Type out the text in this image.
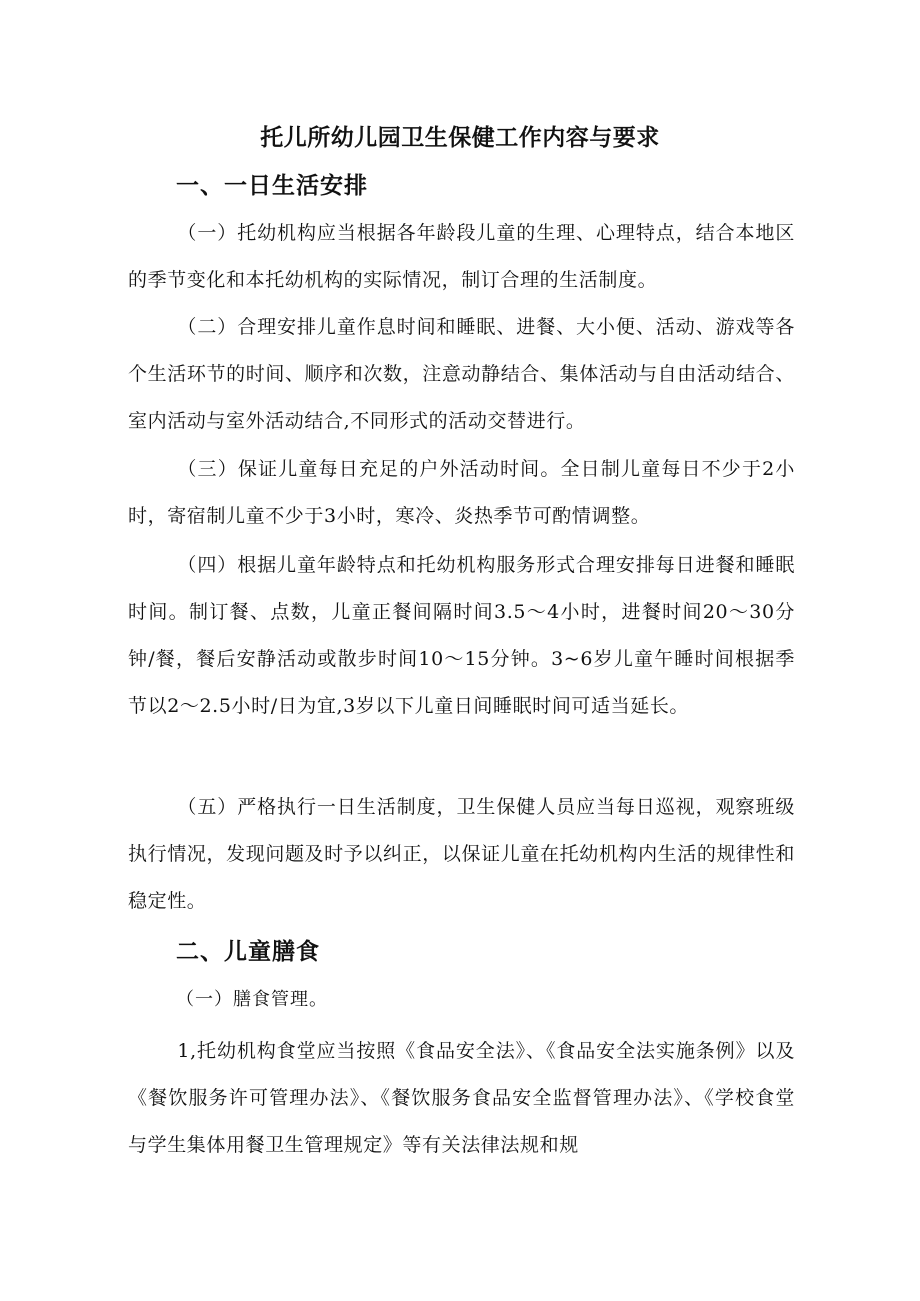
托儿所幼儿园卫生保健工作内容与要求
一、一日生活安排

（一）托幼机构应当根据各年龄段儿童的生理、心理特点，结合本地区的季节变化和本托幼机构的实际情况，制订合理的生活制度。

（二）合理安排儿童作息时间和睡眠、进餐、大小便、活动、游戏等各个生活环节的时间、顺序和次数，注意动静结合、集体活动与自由活动结合、室内活动与室外活动结合,不同形式的活动交替进行。

（三）保证儿童每日充足的户外活动时间。全日制儿童每日不少于2小时，寄宿制儿童不少于3小时，寒冷、炎热季节可酌情调整。

（四）根据儿童年龄特点和托幼机构服务形式合理安排每日进餐和睡眠时间。制订餐、点数，儿童正餐间隔时间3.5～4小时，进餐时间20～30分钟/餐，餐后安静活动或散步时间10～15分钟。3~6岁儿童午睡时间根据季节以2～2.5小时/日为宜,3岁以下儿童日间睡眠时间可适当延长。

（五）严格执行一日生活制度，卫生保健人员应当每日巡视，观察班级执行情况，发现问题及时予以纠正，以保证儿童在托幼机构内生活的规律性和稳定性。

二、儿童膳食

（一）膳食管理。

1,托幼机构食堂应当按照《食品安全法》、《食品安全法实施条例》以及《餐饮服务许可管理办法》、《餐饮服务食品安全监督管理办法》、《学校食堂与学生集体用餐卫生管理规定》等有关法律法规和规
